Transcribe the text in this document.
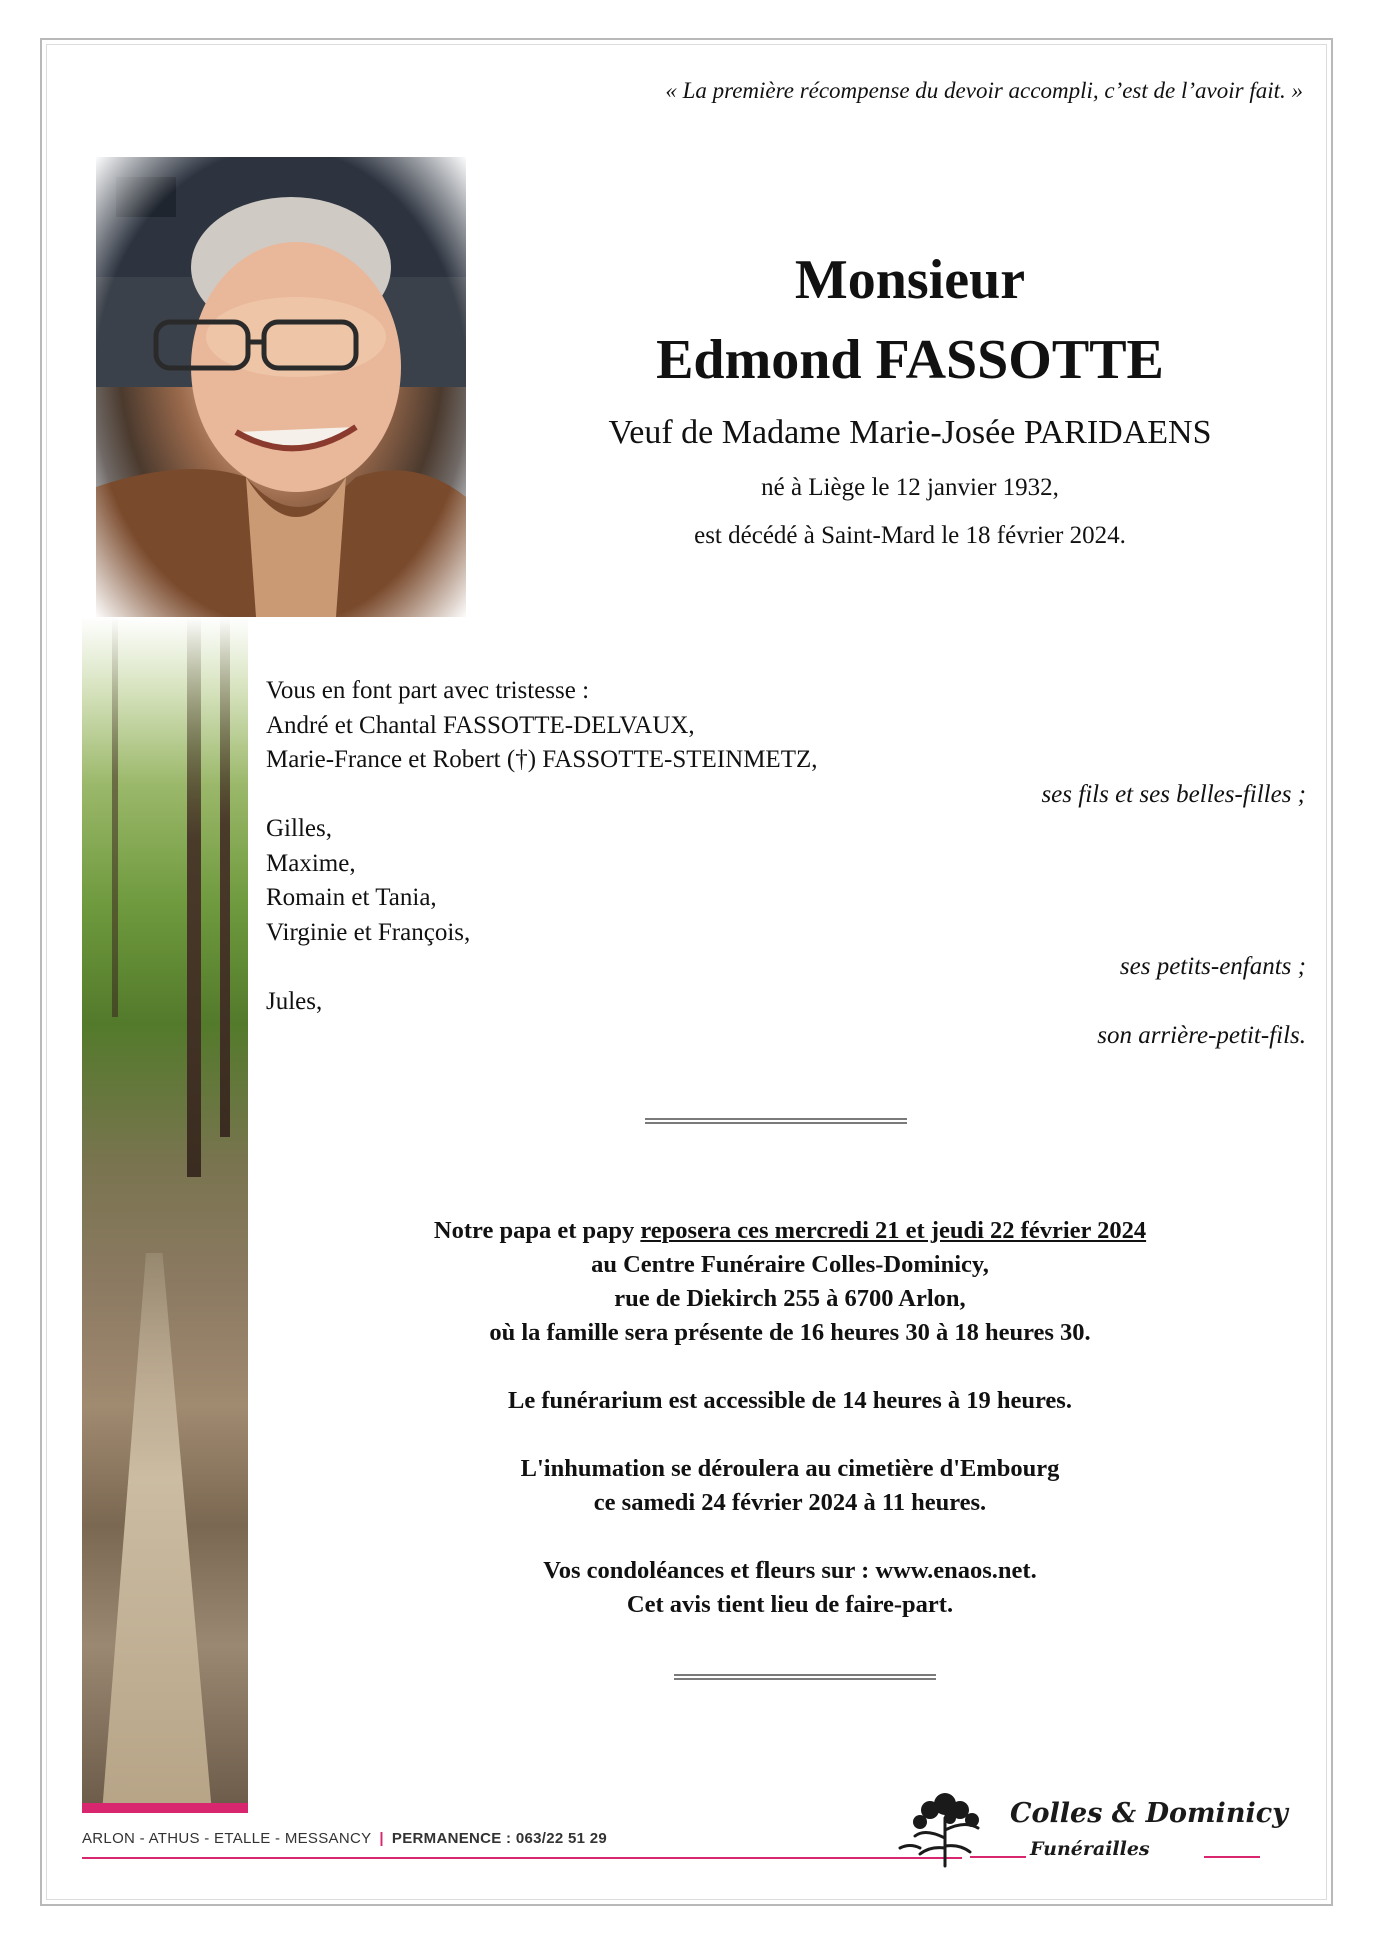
« La première récompense du devoir accompli, c’est de l’avoir fait. »
Monsieur
Edmond FASSOTTE
Veuf de Madame Marie-Josée PARIDAENS
né à Liège le 12 janvier 1932,
est décédé à Saint-Mard le 18 février 2024.
Vous en font part avec tristesse :
André et Chantal FASSOTTE-DELVAUX,
Marie-France et Robert (†) FASSOTTE-STEINMETZ,
ses fils et ses belles-filles ;
Gilles,
Maxime,
Romain et Tania,
Virginie et François,
ses petits-enfants ;
Jules,
son arrière-petit-fils.
Notre papa et papy reposera ces mercredi 21 et jeudi 22 février 2024
au Centre Funéraire Colles-Dominicy,
rue de Diekirch 255 à 6700 Arlon,
où la famille sera présente de 16 heures 30 à 18 heures 30.
Le funérarium est accessible de 14 heures à 19 heures.
L'inhumation se déroulera au cimetière d'Embourg
ce samedi 24 février 2024 à 11 heures.
Vos condoléances et fleurs sur : www.enaos.net.
Cet avis tient lieu de faire-part.
ARLON - ATHUS - ETALLE - MESSANCY | PERMANENCE : 063/22 51 29
Colles & Dominicy
Funérailles
